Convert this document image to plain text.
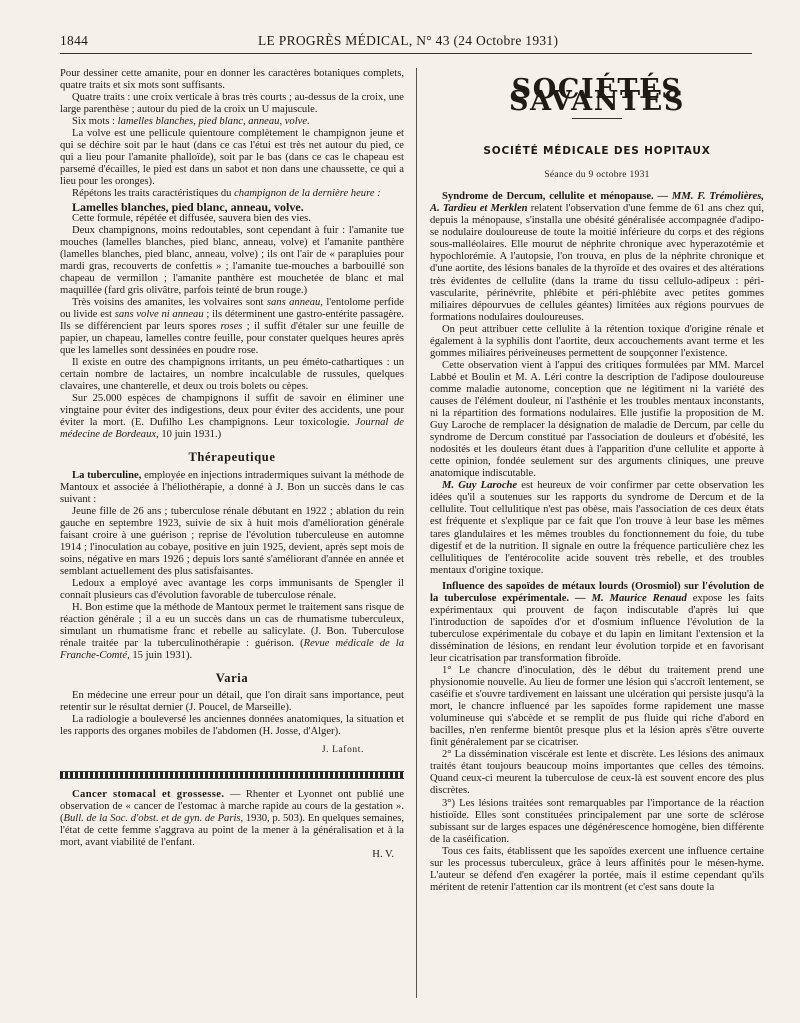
1844	LE PROGRÈS MÉDICAL, N° 43 (24 Octobre 1931)

Pour dessiner cette amanite, pour en donner les caractères botaniques complets, quatre traits et six mots sont suffisants.

Quatre traits : une croix verticale à bras très courts ; au-dessus de la croix, une large parenthèse ; autour du pied de la croix un U majuscule.

Six mots : lamelles blanches, pied blanc, anneau, volve.

La volve est une pellicule quientoure complètement le champignon jeune et qui se déchire soit par le haut (dans ce cas l'étui est très net autour du pied, ce qui a lieu pour l'amanite phalloïde), soit par le bas (dans ce cas le chapeau est parsemé d'écailles, le pied est dans un sabot et non dans une chaussette, ce qui a lieu pour les oronges).

Répétons les traits caractéristiques du champignon de la dernière heure :

Lamelles blanches, pied blanc, anneau, volve.

Cette formule, répétée et diffusée, sauvera bien des vies.

Deux champignons, moins redoutables, sont cependant à fuir : l'amanite tue mouches (lamelles blanches, pied blanc, anneau, volve) et l'amanite panthère (lamelles blanches, pied blanc, anneau, volve) ; ils ont l'air de « parapluies pour mardi gras, recouverts de confettis » ; l'amanite tue-mouches a barbouillé son chapeau de vermillon ; l'amanite panthère est mouchetée de blanc et mal maquillée (fard gris olivâtre, parfois teinté de brun rouge.)

Très voisins des amanites, les volvaires sont sans anneau, l'entolome perfide ou livide est sans volve ni anneau ; ils déterminent une gastro-entérite passagère. Ils se différencient par leurs spores roses ; il suffit d'étaler sur une feuille de papier, un chapeau, lamelles contre feuille, pour constater quelques heures après que les lamelles sont dessinées en poudre rose.

Il existe en outre des champignons irritants, un peu éméto-cathartiques : un certain nombre de lactaires, un nombre incalculable de russules, quelques clavaires, une chanterelle, et deux ou trois bolets ou cèpes.

Sur 25.000 espèces de champignons il suffit de savoir en éliminer une vingtaine pour éviter des indigestions, deux pour éviter des accidents, une pour éviter la mort. (E. Dufilho Les champignons. Leur toxicologie. Journal de médecine de Bordeaux, 10 juin 1931.)

Thérapeutique

La tuberculine, employée en injections intradermiques suivant la méthode de Mantoux et associée à l'héliothérapie, a donné à J. Bon un succès dans le cas suivant :

Jeune fille de 26 ans ; tuberculose rénale débutant en 1922 ; ablation du rein gauche en septembre 1923, suivie de six à huit mois d'amélioration générale faisant croire à une guérison ; reprise de l'évolution tuberculeuse en automne 1914 ; l'inoculation au cobaye, positive en juin 1925, devient, après sept mois de soins, négative en mars 1926 ; depuis lors santé s'améliorant d'année en année et semblant actuellement des plus satisfaisantes.

Ledoux a employé avec avantage les corps immunisants de Spengler il connaît plusieurs cas d'évolution favorable de tuberculose rénale.

H. Bon estime que la méthode de Mantoux permet le traitement sans risque de réaction générale ; il a eu un succès dans un cas de rhumatisme tuberculeux, simulant un rhumatisme franc et rebelle au salicylate. (J. Bon. Tuberculose rénale traitée par la tuberculinothérapie : guérison. (Revue médicale de la Franche-Comté, 15 juin 1931).

Varia

En médecine une erreur pour un détail, que l'on dirait sans importance, peut retentir sur le résultat dernier (J. Poucel, de Marseille).

La radiologie a bouleversé les anciennes données anatomiques, la situation et les rapports des organes mobiles de l'abdomen (H. Josse, d'Alger).

J. Lafont.

Cancer stomacal et grossesse. — Rhenter et Lyonnet ont publié une observation de « cancer de l'estomac à marche rapide au cours de la gestation ». (Bull. de la Soc. d'obst. et de gyn. de Paris, 1930, p. 503). En quelques semaines, l'état de cette femme s'aggrava au point de la mener à la généralisation et à la mort, avant viabilité de l'enfant.

H. V.
SOCIÉTÉS SAVANTES
SOCIÉTÉ MÉDICALE DES HOPITAUX
Séance du 9 octobre 1931

Syndrome de Dercum, cellulite et ménopause. — MM. F. Trémolières, A. Tardieu et Merklen relatent l'observation d'une femme de 61 ans chez qui, depuis la ménopause, s'installa une obésité généralisée accompagnée d'adipo-se nodulaire douloureuse de toute la moitié inférieure du corps et des régions sous-malléolaires. Elle mourut de néphrite chronique avec hyperazotémie et hypochlorémie. A l'autopsie, l'on trouva, en plus de la néphrite chronique et d'une aortite, des lésions banales de la thyroïde et des ovaires et des altérations très évidentes de cellulite (dans la trame du tissu cellulo-adipeux : péri-vascularite, périnévrite, phlébite et péri-phlébite avec petites gommes miliaires dépourvues de cellules géantes) limitées aux régions pourvues de formations nodulaires douloureuses.

On peut attribuer cette cellulite à la rétention toxique d'origine rénale et également à la syphilis dont l'aortite, deux accouchements avant terme et les gommes miliaires périveineuses permettent de soupçonner l'existence.

Cette observation vient à l'appui des critiques formulées par MM. Marcel Labbé et Boulin et M. A. Léri contre la description de l'adipose douloureuse comme maladie autonome, conception que ne légitiment ni la variété des causes de l'élément douleur, ni l'asthénie et les troubles mentaux inconstants, ni la répartition des formations nodulaires. Elle justifie la proposition de M. Guy Laroche de remplacer la désignation de maladie de Dercum, par celle du syndrome de Dercum constitué par l'association de douleurs et d'obésité, les nodosités et les douleurs étant dues à l'apparition d'une cellulite et apporte à cette opinion, fondée seulement sur des arguments cliniques, une preuve anatomique indiscutable.

M. Guy Laroche est heureux de voir confirmer par cette observation les idées qu'il a soutenues sur les rapports du syndrome de Dercum et de la cellulite. Tout cellulitique n'est pas obèse, mais l'association de ces deux états est fréquente et s'explique par ce fait que l'on trouve à leur base les mêmes tares glandulaires et les mêmes troubles du fonctionnement du foie, du tube digestif et de la nutrition. Il signale en outre la fréquence particulière chez les cellulitiques de l'entérocolite acide souvent très rebelle, et des troubles mentaux d'origine toxique.

Influence des sapoïdes de métaux lourds (Orosmiol) sur l'évolution de la tuberculose expérimentale. — M. Maurice Renaud expose les faits expérimentaux qui prouvent de façon indiscutable d'après lui que l'introduction de sapoïdes d'or et d'osmium influence l'évolution de la tuberculose expérimentale du cobaye et du lapin en limitant l'extension et la dissémination de lésions, en rendant leur évolution torpide et en favorisant leur cicatrisation par transformation fibroïde.

1° Le chancre d'inoculation, dès le début du traitement prend une physionomie nouvelle. Au lieu de former une lésion qui s'accroît lentement, se caséifie et s'ouvre tardivement en laissant une ulcération qui persiste jusqu'à la mort, le chancre influencé par les sapoïdes forme rapidement une masse volumineuse qui s'abcède et se remplit de pus fluide qui riche d'abord en bacilles, n'en renferme bientôt presque plus et la lésion après s'être ouverte finit généralement par se cicatriser.

2° La dissémination viscérale est lente et discrète. Les lésions des animaux traités étant toujours beaucoup moins importantes que celles des témoins. Quand ceux-ci meurent la tuberculose de ceux-là est souvent encore des plus discrètes.

3°) Les lésions traitées sont remarquables par l'importance de la réaction histioïde. Elles sont constituées principalement par une sorte de sclérose subissant sur de larges espaces une dégénérescence homogène, bien différente de la caséification.

Tous ces faits, établissent que les sapoïdes exercent une influence certaine sur les processus tuberculeux, grâce à leurs affinités pour le mésen-hyme. L'auteur se défend d'en exagérer la portée, mais il estime cependant qu'ils méritent de retenir l'attention car ils montrent (et c'est sans doute la
